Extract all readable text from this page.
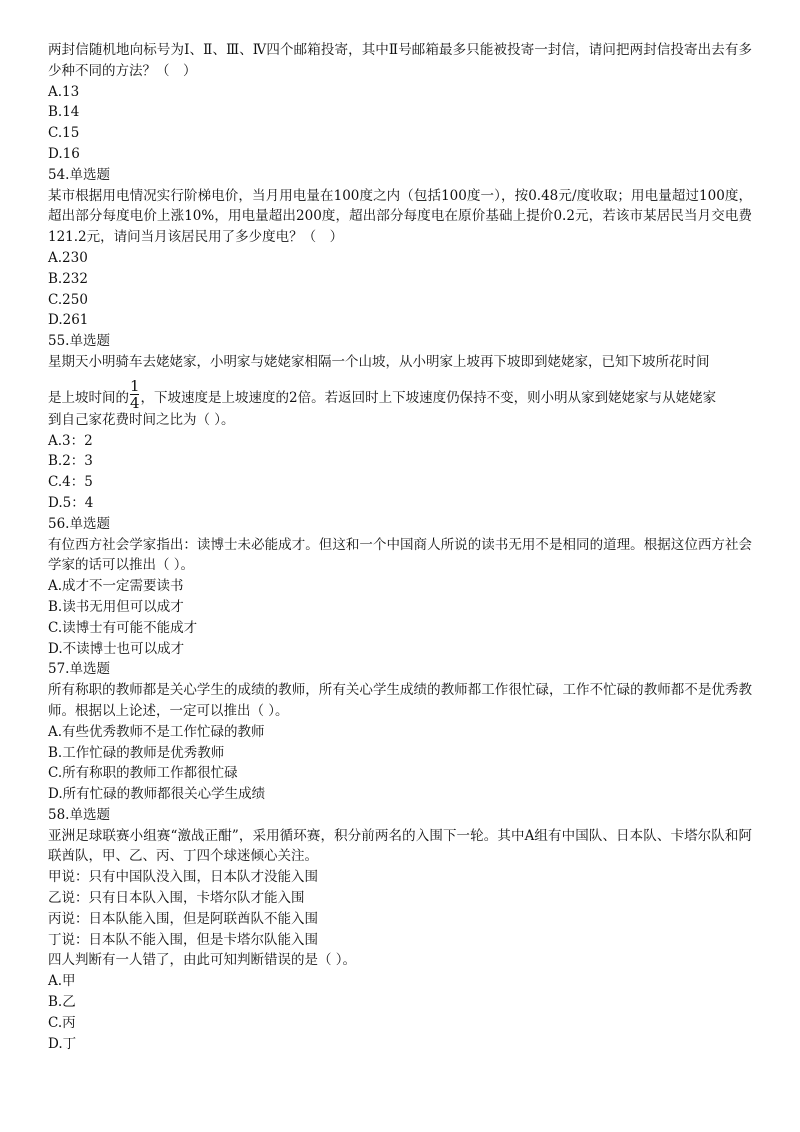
两封信随机地向标号为Ⅰ、Ⅱ、Ⅲ、Ⅳ四个邮箱投寄，其中Ⅱ号邮箱最多只能被投寄一封信，请问把两封信投寄出去有多少种不同的方法？（　）

A.13

B.14

C.15

D.16

54.单选题

某市根据用电情况实行阶梯电价，当月用电量在100度之内（包括100度一），按0.48元/度收取；用电量超过100度，超出部分每度电价上涨10%，用电量超出200度，超出部分每度电在原价基础上提价0.2元，若该市某居民当月交电费121.2元，请问当月该居民用了多少度电？（　）

A.230

B.232

C.250

D.261

55.单选题

星期天小明骑车去姥姥家，小明家与姥姥家相隔一个山坡，从小明家上坡再下坡即到姥姥家，已知下坡所花时间

是上坡时间的 $\frac{1}{4}$ ，下坡速度是上坡速度的2倍。若返回时上下坡速度仍保持不变，则小明从家到姥姥家与从姥姥家

到自己家花费时间之比为（ ）。

A.3：2

B.2：3

C.4：5

D.5：4

56.单选题

有位西方社会学家指出：读博士未必能成才。但这和一个中国商人所说的读书无用不是相同的道理。根据这位西方社会学家的话可以推出（ ）。

A.成才不一定需要读书

B.读书无用但可以成才

C.读博士有可能不能成才

D.不读博士也可以成才

57.单选题

所有称职的教师都是关心学生的成绩的教师，所有关心学生成绩的教师都工作很忙碌，工作不忙碌的教师都不是优秀教师。根据以上论述，一定可以推出（ ）。

A.有些优秀教师不是工作忙碌的教师

B.工作忙碌的教师是优秀教师

C.所有称职的教师工作都很忙碌

D.所有忙碌的教师都很关心学生成绩

58.单选题

亚洲足球联赛小组赛“激战正酣”，采用循环赛，积分前两名的入围下一轮。其中A组有中国队、日本队、卡塔尔队和阿联酋队，甲、乙、丙、丁四个球迷倾心关注。

甲说：只有中国队没入围，日本队才没能入围

乙说：只有日本队入围，卡塔尔队才能入围

丙说：日本队能入围，但是阿联酋队不能入围

丁说：日本队不能入围，但是卡塔尔队能入围

四人判断有一人错了，由此可知判断错误的是（ ）。

A.甲

B.乙

C.丙

D.丁
